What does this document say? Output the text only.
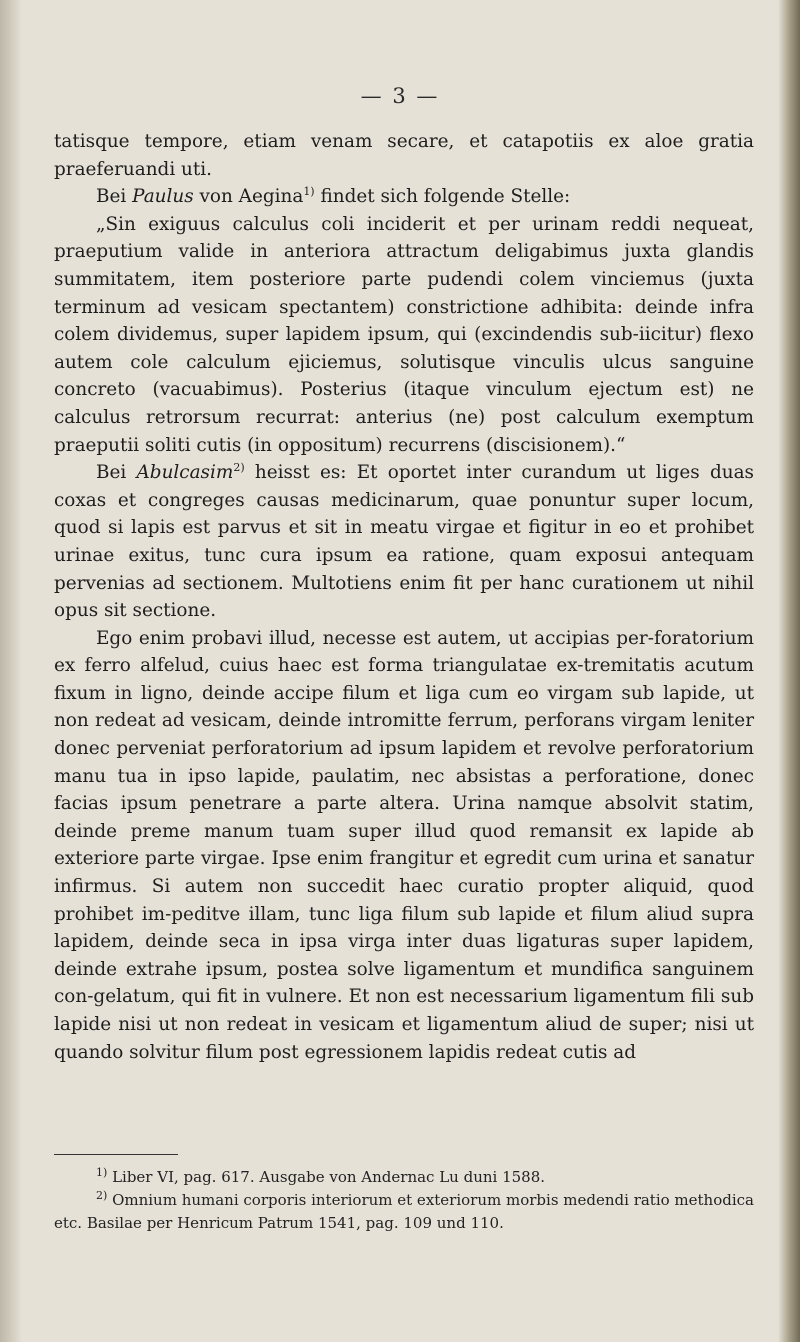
— 3 —

tatisque tempore, etiam venam secare, et catapotiis ex aloe gratia praeferuandi uti.

Bei Paulus von Aegina$^{1)}$ findet sich folgende Stelle:

„Sin exiguus calculus coli inciderit et per urinam reddi nequeat, praeputium valide in anteriora attractum deligabimus juxta glandis summitatem, item posteriore parte pudendi colem vinciemus (juxta terminum ad vesicam spectantem) constrictione adhibita: deinde infra colem dividemus, super lapidem ipsum, qui (excindendis sub-iicitur) flexo autem cole calculum ejiciemus, solutisque vinculis ulcus sanguine concreto (vacuabimus). Posterius (itaque vinculum ejectum est) ne calculus retrorsum recurrat: anterius (ne) post calculum exemptum praeputii soliti cutis (in oppositum) recurrens (discisionem).“

Bei Abulcasim$^{2)}$ heisst es: Et oportet inter curandum ut liges duas coxas et congreges causas medicinarum, quae ponuntur super locum, quod si lapis est parvus et sit in meatu virgae et figitur in eo et prohibet urinae exitus, tunc cura ipsum ea ratione, quam exposui antequam pervenias ad sectionem. Multotiens enim fit per hanc curationem ut nihil opus sit sectione.

Ego enim probavi illud, necesse est autem, ut accipias per-foratorium ex ferro alfelud, cuius haec est forma triangulatae ex-tremitatis acutum fixum in ligno, deinde accipe filum et liga cum eo virgam sub lapide, ut non redeat ad vesicam, deinde intromitte ferrum, perforans virgam leniter donec perveniat perforatorium ad ipsum lapidem et revolve perforatorium manu tua in ipso lapide, paulatim, nec absistas a perforatione, donec facias ipsum penetrare a parte altera. Urina namque absolvit statim, deinde preme manum tuam super illud quod remansit ex lapide ab exteriore parte virgae. Ipse enim frangitur et egredit cum urina et sanatur infirmus. Si autem non succedit haec curatio propter aliquid, quod prohibet im-peditve illam, tunc liga filum sub lapide et filum aliud supra lapidem, deinde seca in ipsa virga inter duas ligaturas super lapidem, deinde extrahe ipsum, postea solve ligamentum et mundifica sanguinem con-gelatum, qui fit in vulnere. Et non est necessarium ligamentum fili sub lapide nisi ut non redeat in vesicam et ligamentum aliud de super; nisi ut quando solvitur filum post egressionem lapidis redeat cutis ad

$^{1)}$ Liber VI, pag. 617. Ausgabe von Andernac Lu duni 1588.

$^{2)}$ Omnium humani corporis interiorum et exteriorum morbis medendi ratio methodica etc. Basilae per Henricum Patrum 1541, pag. 109 und 110.
